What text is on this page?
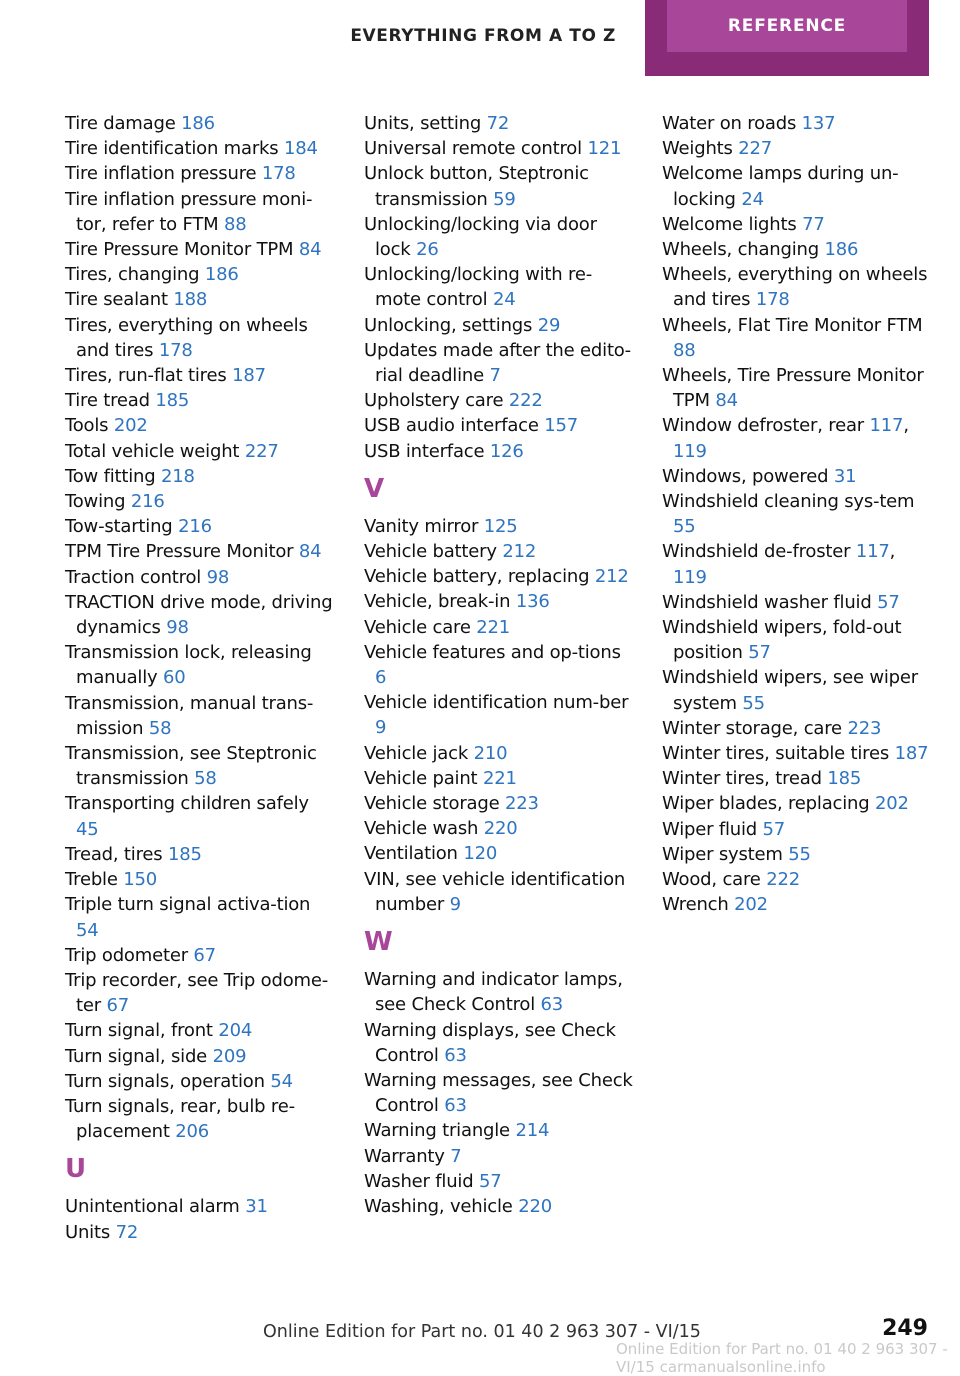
EVERYTHING FROM A TO Z	REFERENCE
Tire damage 186
Tire identification marks 184
Tire inflation pressure 178
Tire inflation pressure moni‐tor, refer to FTM 88
Tire Pressure Monitor TPM 84
Tires, changing 186
Tire sealant 188
Tires, everything on wheels and tires 178
Tires, run-flat tires 187
Tire tread 185
Tools 202
Total vehicle weight 227
Tow fitting 218
Towing 216
Tow-starting 216
TPM Tire Pressure Monitor 84
Traction control 98
TRACTION drive mode, driving dynamics 98
Transmission lock, releasing manually 60
Transmission, manual trans‐mission 58
Transmission, see Steptronic transmission 58
Transporting children safely 45
Tread, tires 185
Treble 150
Triple turn signal activa‐tion 54
Trip odometer 67
Trip recorder, see Trip odome‐ter 67
Turn signal, front 204
Turn signal, side 209
Turn signals, operation 54
Turn signals, rear, bulb re‐placement 206
U
Unintentional alarm 31
Units 72
Units, setting 72
Universal remote control 121
Unlock button, Steptronic transmission 59
Unlocking/locking via door lock 26
Unlocking/locking with re‐mote control 24
Unlocking, settings 29
Updates made after the edito‐rial deadline 7
Upholstery care 222
USB audio interface 157
USB interface 126
V
Vanity mirror 125
Vehicle battery 212
Vehicle battery, replacing 212
Vehicle, break-in 136
Vehicle care 221
Vehicle features and op‐tions 6
Vehicle identification num‐ber 9
Vehicle jack 210
Vehicle paint 221
Vehicle storage 223
Vehicle wash 220
Ventilation 120
VIN, see vehicle identification number 9
W
Warning and indicator lamps, see Check Control 63
Warning displays, see Check Control 63
Warning messages, see Check Control 63
Warning triangle 214
Warranty 7
Washer fluid 57
Washing, vehicle 220
Water on roads 137
Weights 227
Welcome lamps during un‐locking 24
Welcome lights 77
Wheels, changing 186
Wheels, everything on wheels and tires 178
Wheels, Flat Tire Monitor FTM 88
Wheels, Tire Pressure Monitor TPM 84
Window defroster, rear 117, 119
Windows, powered 31
Windshield cleaning sys‐tem 55
Windshield de‐froster 117, 119
Windshield washer fluid 57
Windshield wipers, fold-out position 57
Windshield wipers, see wiper system 55
Winter storage, care 223
Winter tires, suitable tires 187
Winter tires, tread 185
Wiper blades, replacing 202
Wiper fluid 57
Wiper system 55
Wood, care 222
Wrench 202
Online Edition for Part no. 01 40 2 963 307 - VI/15	249
Online Edition for Part no. 01 40 2 963 307 - VI/15 carmanualsonline.info
